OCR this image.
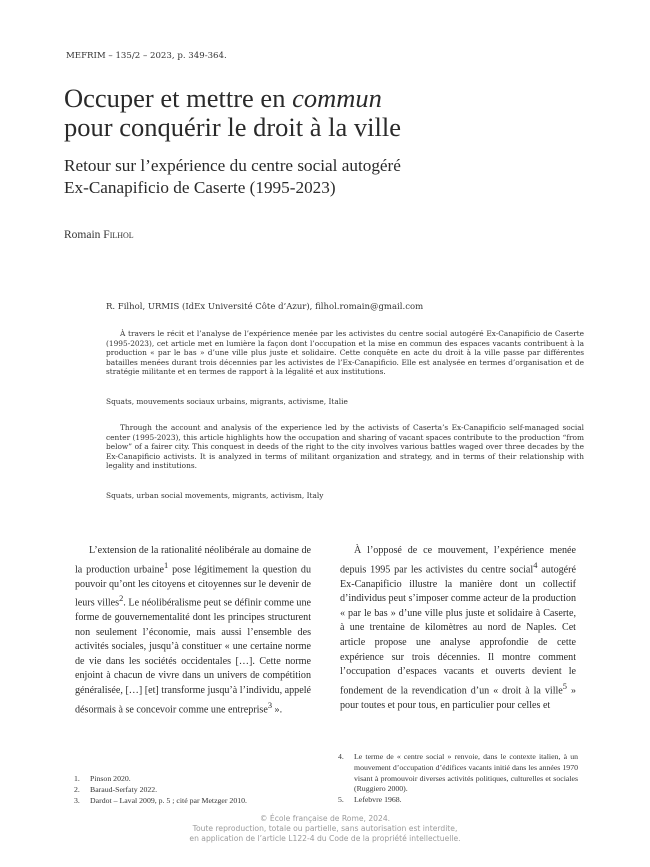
MEFRIM – 135/2 – 2023, p. 349-364.
Occuper et mettre en commun
pour conquérir le droit à la ville
Retour sur l’expérience du centre social autogéré
Ex-Canapificio de Caserte (1995-2023)
Romain Filhol
R. Filhol, URMIS (IdEx Université Côte d’Azur), filhol.romain@gmail.com

À travers le récit et l’analyse de l’expérience menée par les activistes du centre social autogéré Ex-Canapificio de Caserte (1995-2023), cet article met en lumière la façon dont l’occupation et la mise en commun des espaces vacants contribuent à la production « par le bas » d’une ville plus juste et solidaire. Cette conquête en acte du droit à la ville passe par différentes batailles menées durant trois décennies par les activistes de l’Ex-Canapificio. Elle est analysée en termes d’organisation et de stratégie militante et en termes de rapport à la légalité et aux institutions.

Squats, mouvements sociaux urbains, migrants, activisme, Italie

Through the account and analysis of the experience led by the activists of Caserta’s Ex-Canapificio self-managed social center (1995-2023), this article highlights how the occupation and sharing of vacant spaces contribute to the production “from below” of a fairer city. This conquest in deeds of the right to the city involves various battles waged over three decades by the Ex-Canapificio activists. It is analyzed in terms of militant organization and strategy, and in terms of their relationship with legality and institutions.

Squats, urban social movements, migrants, activism, Italy

L’extension de la rationalité néolibérale au domaine de la production urbaine$^1$ pose légitimement la question du pouvoir qu’ont les citoyens et citoyennes sur le devenir de leurs villes$^2$. Le néolibéralisme peut se définir comme une forme de gouvernementalité dont les principes structurent non seulement l’économie, mais aussi l’ensemble des activités sociales, jusqu’à constituer « une certaine norme de vie dans les sociétés occidentales […]. Cette norme enjoint à chacun de vivre dans un univers de compétition généralisée, […] [et] transforme jusqu’à l’individu, appelé désormais à se concevoir comme une entreprise$^3$ ».

À l’opposé de ce mouvement, l’expérience menée depuis 1995 par les activistes du centre social$^4$ autogéré Ex-Canapificio illustre la manière dont un collectif d’individus peut s’imposer comme acteur de la production « par le bas » d’une ville plus juste et solidaire à Caserte, à une trentaine de kilomètres au nord de Naples. Cet article propose une analyse approfondie de cette expérience sur trois décennies. Il montre comment l’occupation d’espaces vacants et ouverts devient le fondement de la revendication d’un « droit à la ville$^5$ » pour toutes et pour tous, en particulier pour celles et

1.	Pinson 2020.
2.	Baraud-Serfaty 2022.
3.	Dardot – Laval 2009, p. 5 ; cité par Metzger 2010.
4.	Le terme de « centre social » renvoie, dans le contexte italien, à un mouvement d’occupation d’édifices vacants initié dans les années 1970 visant à promouvoir diverses activités politiques, culturelles et sociales (Ruggiero 2000).
5.	Lefebvre 1968.
© École française de Rome, 2024.
Toute reproduction, totale ou partielle, sans autorisation est interdite,
en application de l’article L122-4 du Code de la propriété intellectuelle.
